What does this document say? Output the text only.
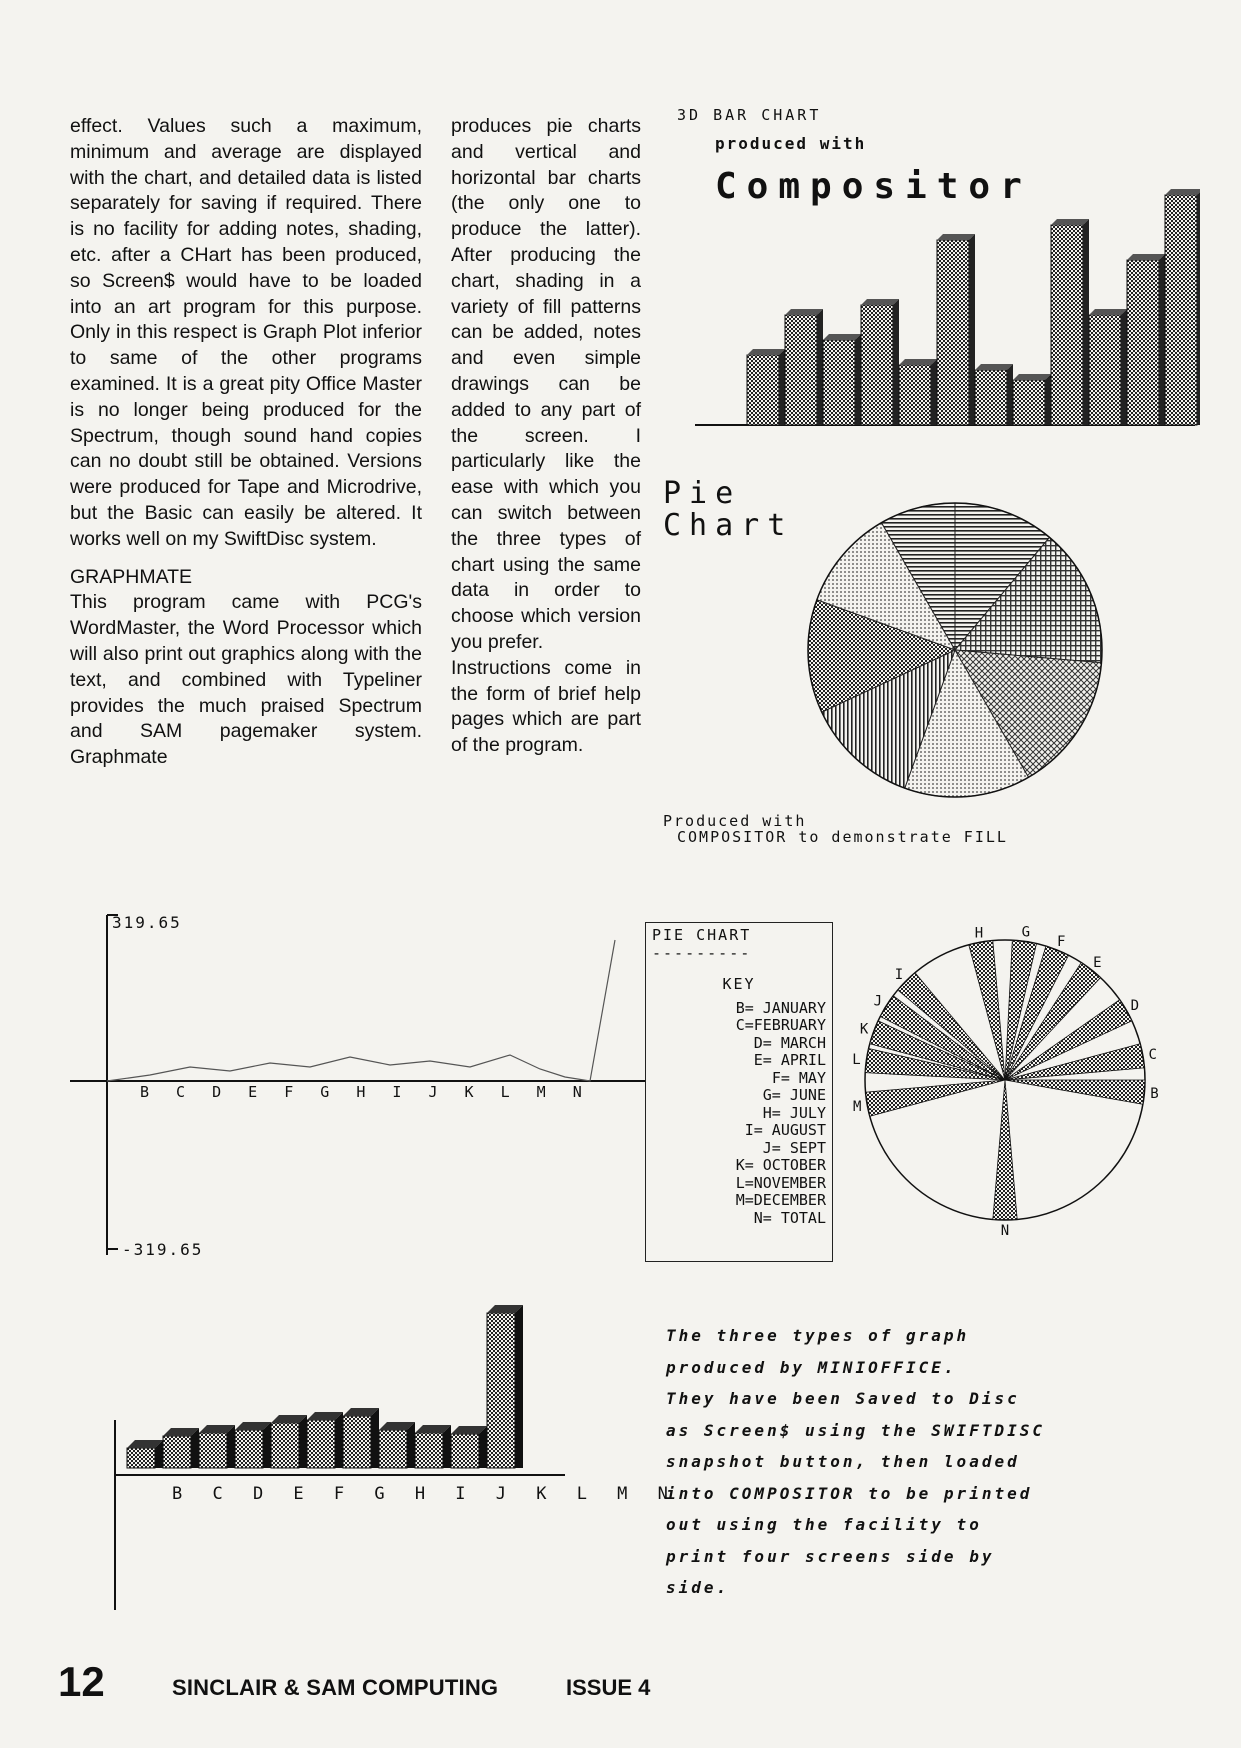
effect. Values such a maximum, minimum and average are displayed with the chart, and detailed data is listed separately for saving if required. There is no facility for adding notes, shading, etc. after a CHart has been produced, so Screen$ would have to be loaded into an art program for this purpose. Only in this respect is Graph Plot inferior to same of the other programs examined. It is a great pity Office Master is no longer being produced for the Spectrum, though sound hand copies can no doubt still be obtained. Versions were produced for Tape and Microdrive, but the Basic can easily be altered. It works well on my SwiftDisc system.

GRAPHMATE

This program came with PCG's WordMaster, the Word Processor which will also print out graphics along with the text, and combined with Typeliner provides the much praised Spectrum and SAM pagemaker system. Graphmate

produces pie charts and vertical and horizontal bar charts (the only one to produce the latter). After producing the chart, shading in a variety of fill patterns can be added, notes and even simple drawings can be added to any part of the screen. I particularly like the ease with which you can switch between the three types of chart using the same data in order to choose which version you prefer.

Instructions come in the form of brief help pages which are part of the program.

3D BAR CHART
produced with
Compositor
Pie
Chart
Produced with
COMPOSITOR to demonstrate FILL
319.65
-319.65
B C D E F G H I J K L M N
PIE CHART
---------
KEY
B= JANUARY
C=FEBRUARY
D= MARCH
E= APRIL
F= MAY
G= JUNE
H= JULY
I= AUGUST
J= SEPT
K= OCTOBER
L=NOVEMBER
M=DECEMBER
N= TOTAL
H	G
F
E
D
C
B
N
M
L
K
J
I
B C D E F G H I J K L M N
The three types of graph
produced by MINIOFFICE.
They have been Saved to Disc
as Screen$ using the SWIFTDISC
snapshot button, then loaded
into COMPOSITOR to be printed
out using the facility to
print four screens side by
side.
12	SINCLAIR & SAM COMPUTING	ISSUE 4
